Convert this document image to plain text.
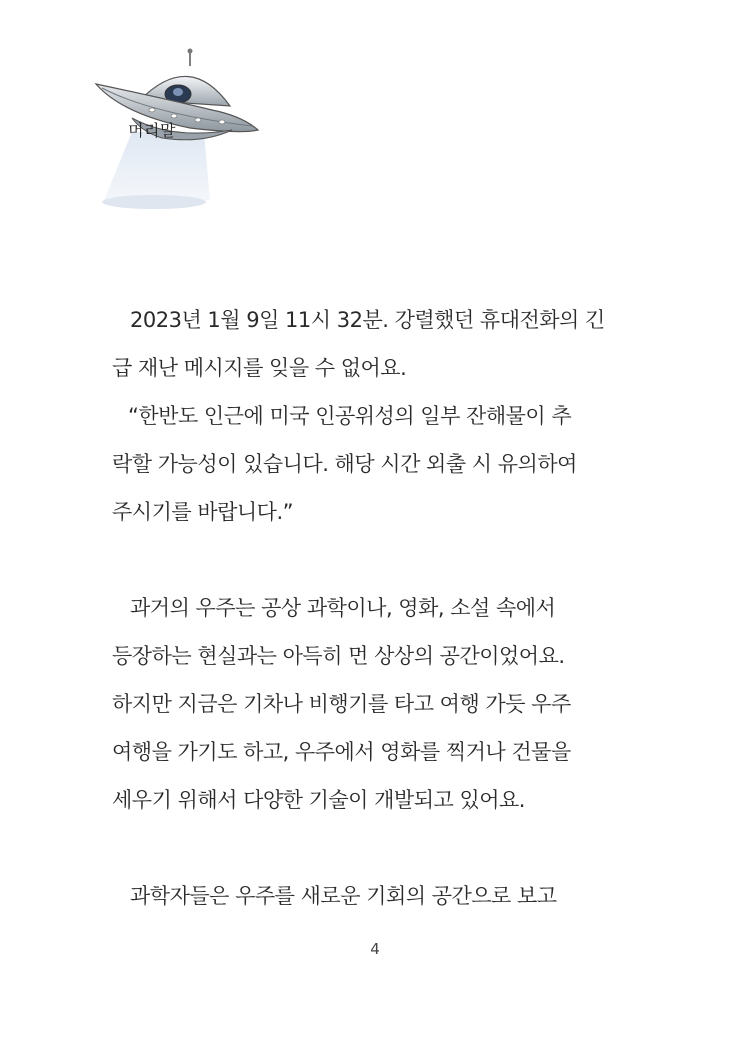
머리말
2023년 1월 9일 11시 32분. 강렬했던 휴대전화의 긴
급 재난 메시지를 잊을 수 없어요.
“한반도 인근에 미국 인공위성의 일부 잔해물이 추
락할 가능성이 있습니다. 해당 시간 외출 시 유의하여
주시기를 바랍니다.”
과거의 우주는 공상 과학이나, 영화, 소설 속에서
등장하는 현실과는 아득히 먼 상상의 공간이었어요.
하지만 지금은 기차나 비행기를 타고 여행 가듯 우주
여행을 가기도 하고, 우주에서 영화를 찍거나 건물을
세우기 위해서 다양한 기술이 개발되고 있어요.
과학자들은 우주를 새로운 기회의 공간으로 보고
4
